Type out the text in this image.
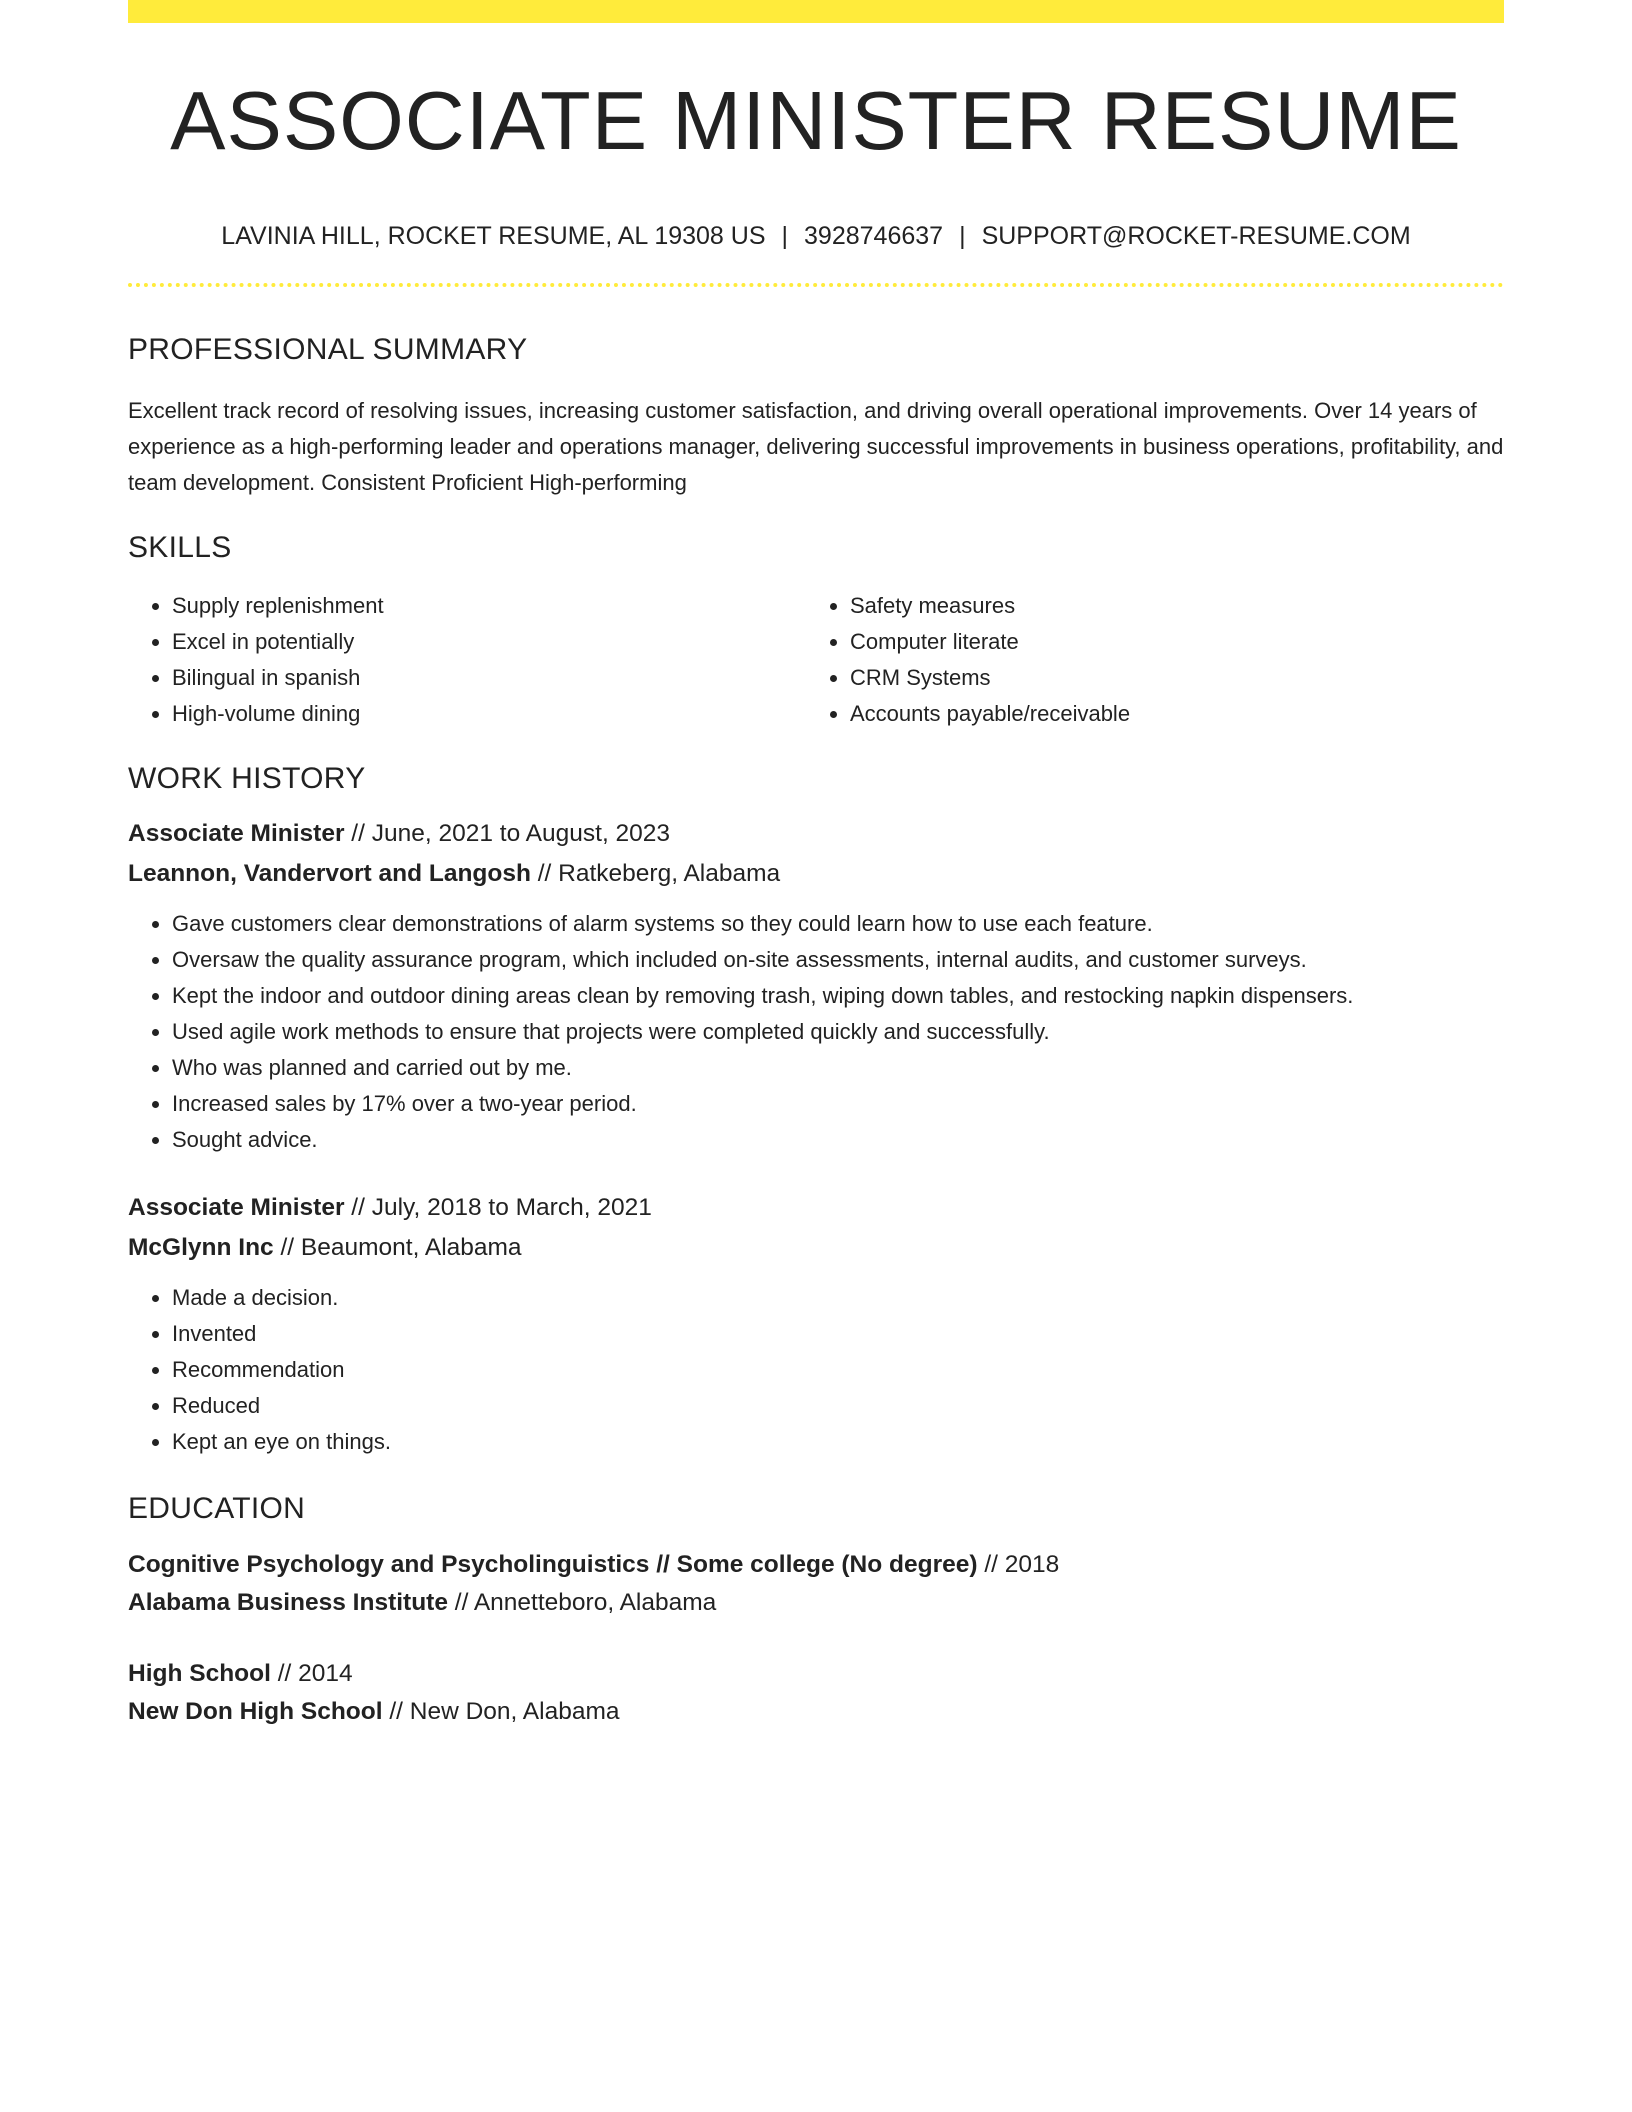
ASSOCIATE MINISTER RESUME
LAVINIA HILL, ROCKET RESUME, AL 19308 US | 3928746637 | SUPPORT@ROCKET-RESUME.COM
PROFESSIONAL SUMMARY

Excellent track record of resolving issues, increasing customer satisfaction, and driving overall operational improvements. Over 14 years of experience as a high-performing leader and operations manager, delivering successful improvements in business operations, profitability, and team development. Consistent Proficient High-performing

SKILLS
• Supply replenishment
• Excel in potentially
• Bilingual in spanish
• High-volume dining
• Safety measures
• Computer literate
• CRM Systems
• Accounts payable/receivable
WORK HISTORY
Associate Minister // June, 2021 to August, 2023
Leannon, Vandervort and Langosh // Ratkeberg, Alabama
• Gave customers clear demonstrations of alarm systems so they could learn how to use each feature.
• Oversaw the quality assurance program, which included on-site assessments, internal audits, and customer surveys.
• Kept the indoor and outdoor dining areas clean by removing trash, wiping down tables, and restocking napkin dispensers.
• Used agile work methods to ensure that projects were completed quickly and successfully.
• Who was planned and carried out by me.
• Increased sales by 17% over a two-year period.
• Sought advice.
Associate Minister // July, 2018 to March, 2021
McGlynn Inc // Beaumont, Alabama
• Made a decision.
• Invented
• Recommendation
• Reduced
• Kept an eye on things.
EDUCATION
Cognitive Psychology and Psycholinguistics // Some college (No degree) // 2018
Alabama Business Institute // Annetteboro, Alabama
High School // 2014
New Don High School // New Don, Alabama
